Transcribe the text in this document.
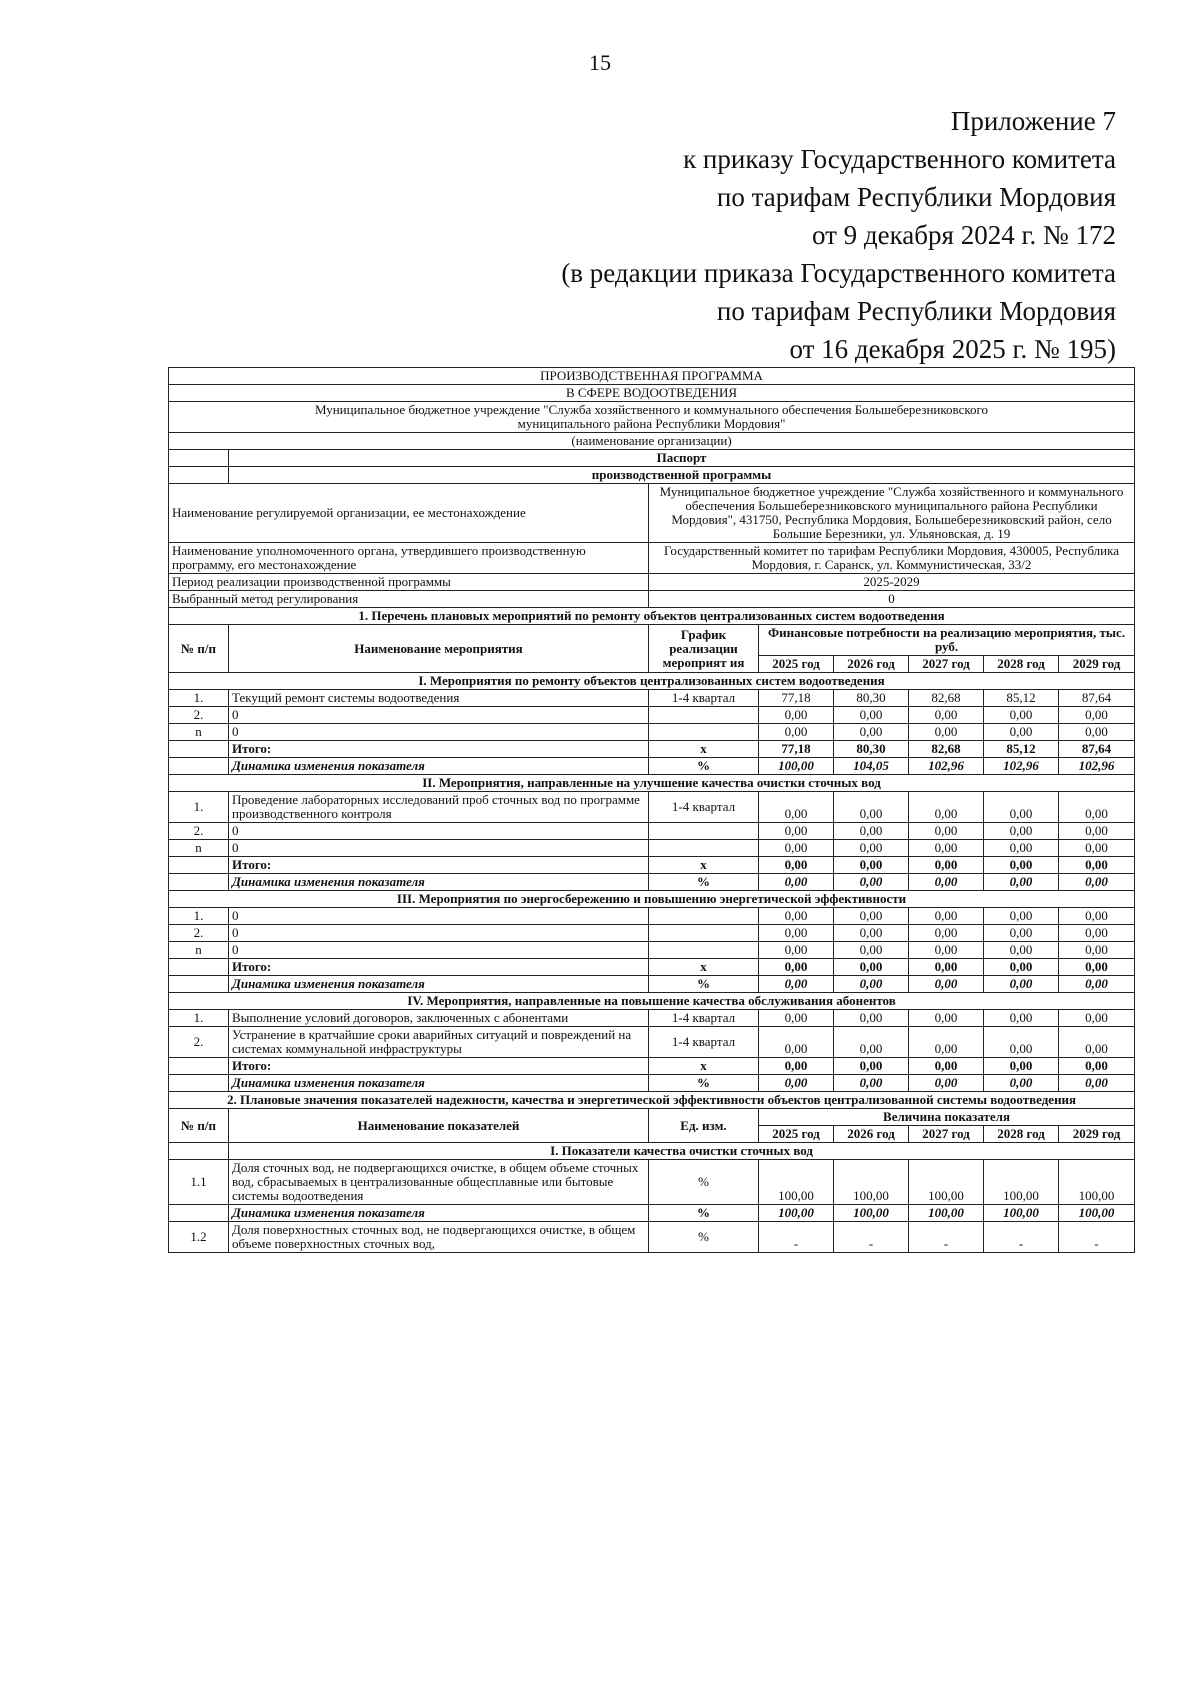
15
Приложение 7
к приказу Государственного комитета
по тарифам Республики Мордовия
от 9 декабря 2024 г. № 172
(в редакции приказа Государственного комитета
по тарифам Республики Мордовия
от 16 декабря 2025 г. № 195)
ПРОИЗВОДСТВЕННАЯ ПРОГРАММА							
В СФЕРЕ ВОДООТВЕДЕНИЯ							

Муниципальное бюджетное учреждение "Служба хозяйственного и коммунального обеспечения Большеберезниковского
муниципального района Республики Мордовия"							

(наименование организации)							
	Паспорт						
	производственной программы						
Наименование регулируемой организации, ее местонахождение		Муниципальное бюджетное учреждение "Служба хозяйственного и коммунального обеспечения Большеберезниковского муниципального района Республики Мордовия", 431750, Республика Мордовия, Большеберезниковский район, село Большие Березники, ул. Ульяновская, д. 19					
Наименование уполномоченного органа, утвердившего производственную программу, его местонахождение		Государственный комитет по тарифам Республики Мордовия, 430005, Республика Мордовия, г. Саранск, ул. Коммунистическая, 33/2					
Период реализации производственной программы		2025-2029					
Выбранный метод регулирования		0					
1. Перечень плановых мероприятий по ремонту объектов централизованных систем водоотведения							
№ п/п	Наименование мероприятия	График реализации мероприят ия	Финансовые потребности на реализацию мероприятия, тыс. руб.				
			2025 год	2026 год	2027 год	2028 год	2029 год
I. Мероприятия по ремонту объектов централизованных систем водоотведения							
1.	Текущий ремонт системы водоотведения	1-4 квартал	77,18	80,30	82,68	85,12	87,64
2.	0		0,00	0,00	0,00	0,00	0,00
n	0		0,00	0,00	0,00	0,00	0,00
	Итого:	х	77,18	80,30	82,68	85,12	87,64
	Динамика изменения показателя	%	100,00	104,05	102,96	102,96	102,96
II. Мероприятия, направленные на улучшение качества очистки сточных вод							
1.	Проведение лабораторных исследований проб сточных вод по программе производственного контроля	1-4 квартал	0,00	0,00	0,00	0,00	0,00
2.	0		0,00	0,00	0,00	0,00	0,00
n	0		0,00	0,00	0,00	0,00	0,00
	Итого:	х	0,00	0,00	0,00	0,00	0,00
	Динамика изменения показателя	%	0,00	0,00	0,00	0,00	0,00
III. Мероприятия по энергосбережению и повышению энергетической эффективности							
1.	0		0,00	0,00	0,00	0,00	0,00
2.	0		0,00	0,00	0,00	0,00	0,00
n	0		0,00	0,00	0,00	0,00	0,00
	Итого:	х	0,00	0,00	0,00	0,00	0,00
	Динамика изменения показателя	%	0,00	0,00	0,00	0,00	0,00
IV. Мероприятия, направленные на повышение качества обслуживания абонентов							
1.	Выполнение условий договоров, заключенных с абонентами	1-4 квартал	0,00	0,00	0,00	0,00	0,00
2.	Устранение в кратчайшие сроки аварийных ситуаций и повреждений на системах коммунальной инфраструктуры	1-4 квартал	0,00	0,00	0,00	0,00	0,00
	Итого:	х	0,00	0,00	0,00	0,00	0,00
	Динамика изменения показателя	%	0,00	0,00	0,00	0,00	0,00
2. Плановые значения показателей надежности, качества и энергетической эффективности объектов централизованной системы водоотведения							
№ п/п	Наименование показателей	Ед. изм.	Величина показателя				
			2025 год	2026 год	2027 год	2028 год	2029 год
	I. Показатели качества очистки сточных вод						
1.1	Доля сточных вод, не подвергающихся очистке, в общем объеме сточных вод, сбрасываемых в централизованные общесплавные или бытовые системы водоотведения	%	100,00	100,00	100,00	100,00	100,00
	Динамика изменения показателя	%	100,00	100,00	100,00	100,00	100,00
1.2	Доля поверхностных сточных вод, не подвергающихся очистке, в общем объеме поверхностных сточных вод,	%	-	-	-	-	-
